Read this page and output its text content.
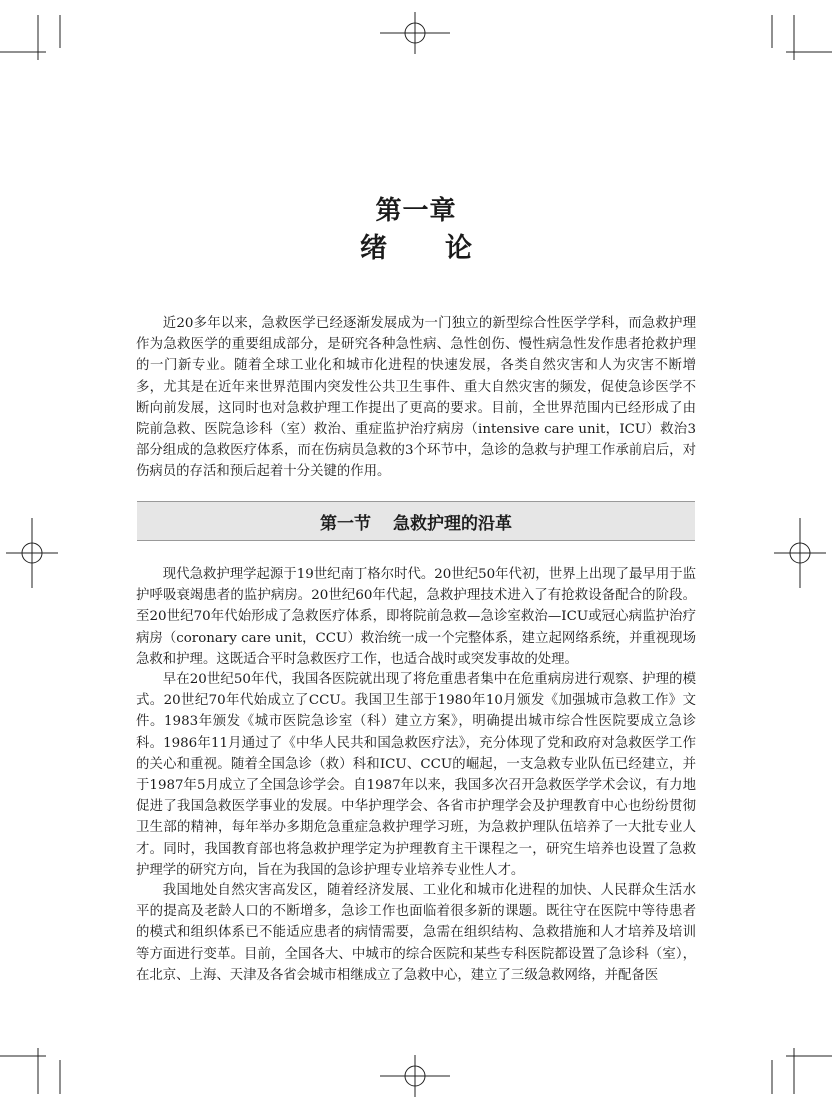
第一章
绪 论

近20多年以来，急救医学已经逐渐发展成为一门独立的新型综合性医学学科，而急救护理作为急救医学的重要组成部分，是研究各种急性病、急性创伤、慢性病急性发作患者抢救护理的一门新专业。随着全球工业化和城市化进程的快速发展，各类自然灾害和人为灾害不断增多，尤其是在近年来世界范围内突发性公共卫生事件、重大自然灾害的频发，促使急诊医学不断向前发展，这同时也对急救护理工作提出了更高的要求。目前，全世界范围内已经形成了由院前急救、医院急诊科（室）救治、重症监护治疗病房（intensive care unit，ICU）救治3部分组成的急救医疗体系，而在伤病员急救的3个环节中，急诊的急救与护理工作承前启后，对伤病员的存活和预后起着十分关键的作用。

第一节 急救护理的沿革

现代急救护理学起源于19世纪南丁格尔时代。20世纪50年代初，世界上出现了最早用于监护呼吸衰竭患者的监护病房。20世纪60年代起，急救护理技术进入了有抢救设备配合的阶段。至20世纪70年代始形成了急救医疗体系，即将院前急救—急诊室救治—ICU或冠心病监护治疗病房（coronary care unit，CCU）救治统一成一个完整体系，建立起网络系统，并重视现场急救和护理。这既适合平时急救医疗工作，也适合战时或突发事故的处理。

早在20世纪50年代，我国各医院就出现了将危重患者集中在危重病房进行观察、护理的模式。20世纪70年代始成立了CCU。我国卫生部于1980年10月颁发《加强城市急救工作》文件。1983年颁发《城市医院急诊室（科）建立方案》，明确提出城市综合性医院要成立急诊科。1986年11月通过了《中华人民共和国急救医疗法》，充分体现了党和政府对急救医学工作的关心和重视。随着全国急诊（救）科和ICU、CCU的崛起，一支急救专业队伍已经建立，并于1987年5月成立了全国急诊学会。自1987年以来，我国多次召开急救医学学术会议，有力地促进了我国急救医学事业的发展。中华护理学会、各省市护理学会及护理教育中心也纷纷贯彻卫生部的精神，每年举办多期危急重症急救护理学习班，为急救护理队伍培养了一大批专业人才。同时，我国教育部也将急救护理学定为护理教育主干课程之一，研究生培养也设置了急救护理学的研究方向，旨在为我国的急诊护理专业培养专业性人才。

我国地处自然灾害高发区，随着经济发展、工业化和城市化进程的加快、人民群众生活水平的提高及老龄人口的不断增多，急诊工作也面临着很多新的课题。既往守在医院中等待患者的模式和组织体系已不能适应患者的病情需要，急需在组织结构、急救措施和人才培养及培训等方面进行变革。目前，全国各大、中城市的综合医院和某些专科医院都设置了急诊科（室），在北京、上海、天津及各省会城市相继成立了急救中心，建立了三级急救网络，并配备医
